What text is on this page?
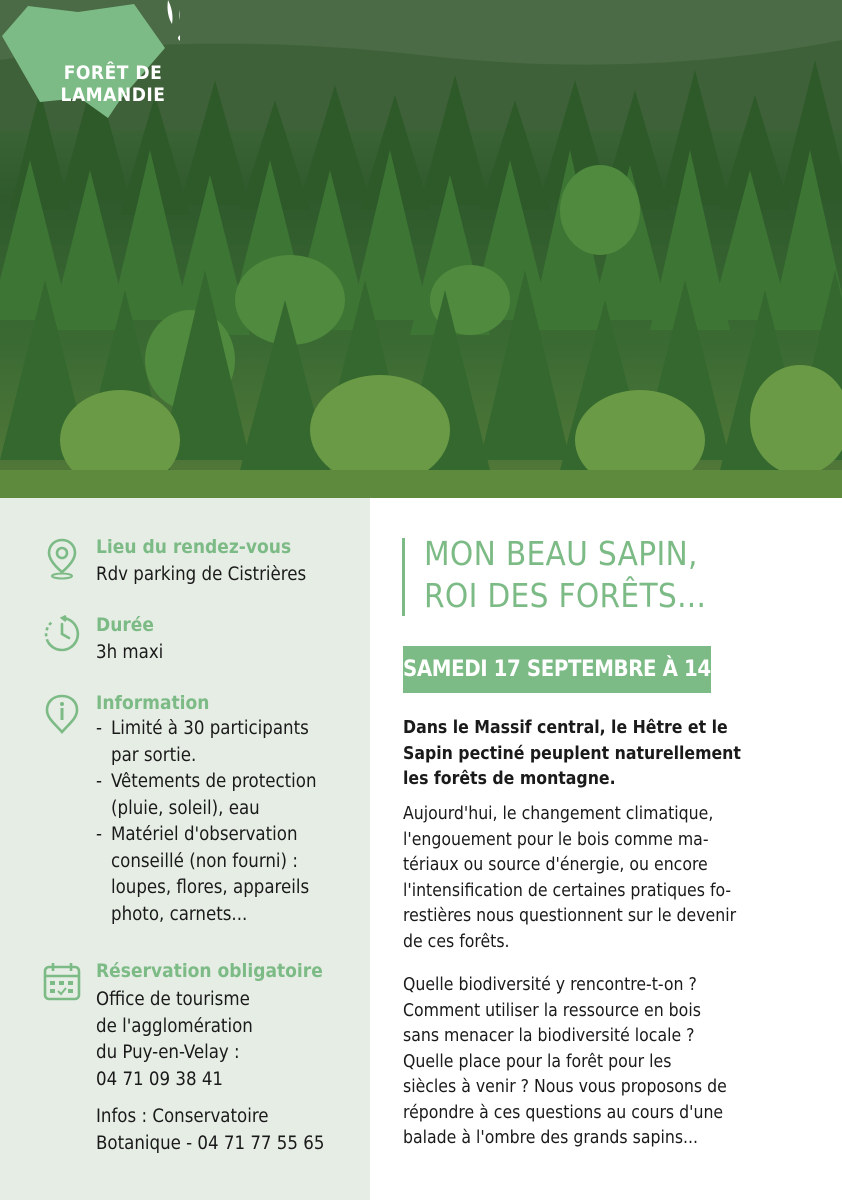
FORÊT DE
LAMANDIE
Lieu du rendez-vous
Rdv parking de Cistrières
Durée
3h maxi
Information
- Limité à 30 participants
par sortie.
- Vêtements de protection
(pluie, soleil), eau
- Matériel d'observation
conseillé (non fourni) :
loupes, flores, appareils
photo, carnets...
Réservation obligatoire
Office de tourisme
de l'agglomération
du Puy-en-Velay :
04 71 09 38 41
Infos : Conservatoire
Botanique - 04 71 77 55 65
MON BEAU SAPIN,
ROI DES FORÊTS...
SAMEDI 17 SEPTEMBRE À 14H
Dans le Massif central, le Hêtre et le
Sapin pectiné peuplent naturellement
les forêts de montagne.
Aujourd'hui, le changement climatique,
l'engouement pour le bois comme ma-
tériaux ou source d'énergie, ou encore
l'intensification de certaines pratiques fo-
restières nous questionnent sur le devenir
de ces forêts.
Quelle biodiversité y rencontre-t-on ?
Comment utiliser la ressource en bois
sans menacer la biodiversité locale ?
Quelle place pour la forêt pour les
siècles à venir ? Nous vous proposons de
répondre à ces questions au cours d'une
balade à l'ombre des grands sapins...
